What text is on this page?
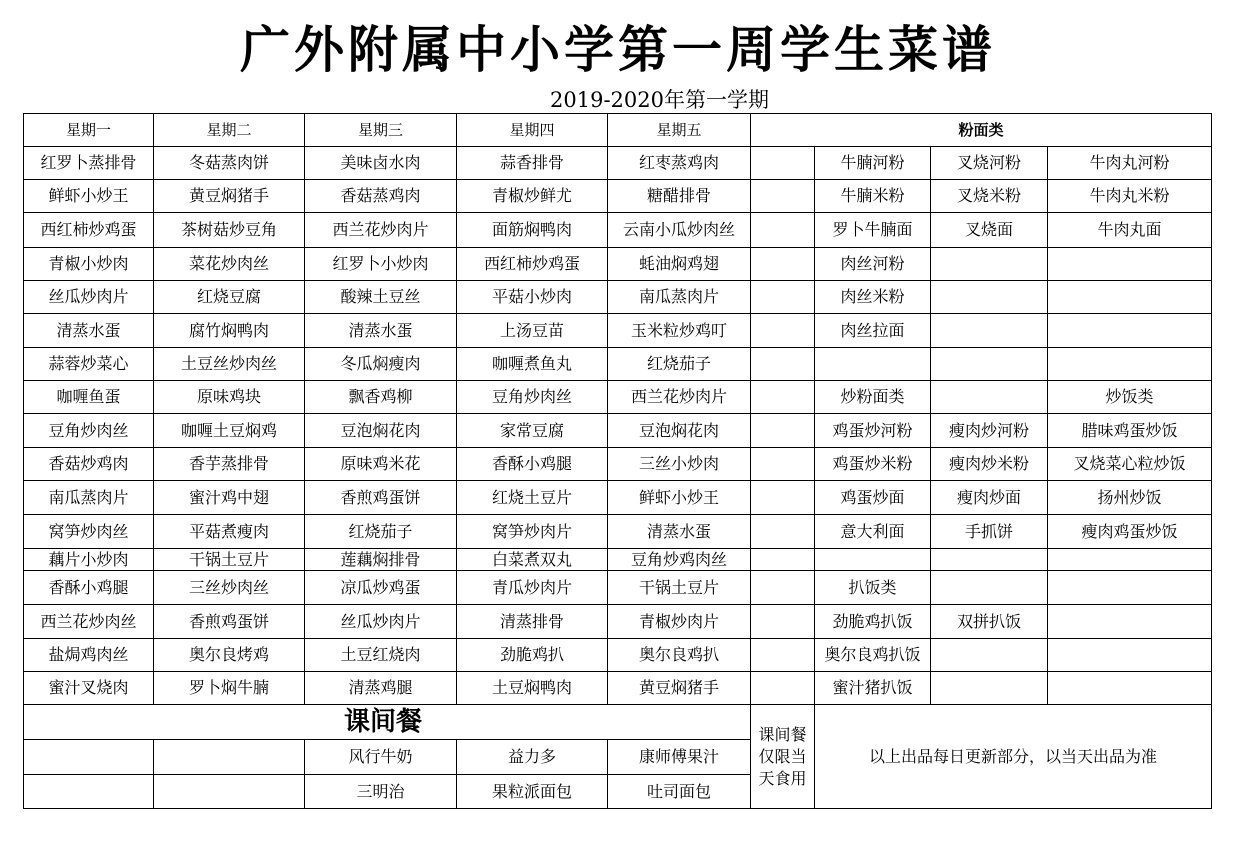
广外附属中小学第一周学生菜谱
2019-2020年第一学期
星期一	星期二	星期三	星期四	星期五	粉面类			
红罗卜蒸排骨	冬菇蒸肉饼	美味卤水肉	蒜香排骨	红枣蒸鸡肉		牛腩河粉	叉烧河粉	牛肉丸河粉
鲜虾小炒王	黄豆焖猪手	香菇蒸鸡肉	青椒炒鲜尤	糖醋排骨		牛腩米粉	叉烧米粉	牛肉丸米粉
西红柿炒鸡蛋	茶树菇炒豆角	西兰花炒肉片	面筋焖鸭肉	云南小瓜炒肉丝		罗卜牛腩面	叉烧面	牛肉丸面
青椒小炒肉	菜花炒肉丝	红罗卜小炒肉	西红柿炒鸡蛋	蚝油焖鸡翅		肉丝河粉		
丝瓜炒肉片	红烧豆腐	酸辣土豆丝	平菇小炒肉	南瓜蒸肉片		肉丝米粉		
清蒸水蛋	腐竹焖鸭肉	清蒸水蛋	上汤豆苗	玉米粒炒鸡叮		肉丝拉面		
蒜蓉炒菜心	土豆丝炒肉丝	冬瓜焖瘦肉	咖喱煮鱼丸	红烧茄子				
咖喱鱼蛋	原味鸡块	飘香鸡柳	豆角炒肉丝	西兰花炒肉片		炒粉面类		炒饭类
豆角炒肉丝	咖喱土豆焖鸡	豆泡焖花肉	家常豆腐	豆泡焖花肉		鸡蛋炒河粉	瘦肉炒河粉	腊味鸡蛋炒饭
香菇炒鸡肉	香芋蒸排骨	原味鸡米花	香酥小鸡腿	三丝小炒肉		鸡蛋炒米粉	瘦肉炒米粉	叉烧菜心粒炒饭
南瓜蒸肉片	蜜汁鸡中翅	香煎鸡蛋饼	红烧土豆片	鲜虾小炒王		鸡蛋炒面	瘦肉炒面	扬州炒饭
窝笋炒肉丝	平菇煮瘦肉	红烧茄子	窝笋炒肉片	清蒸水蛋		意大利面	手抓饼	瘦肉鸡蛋炒饭
藕片小炒肉	干锅土豆片	莲藕焖排骨	白菜煮双丸	豆角炒鸡肉丝				
香酥小鸡腿	三丝炒肉丝	凉瓜炒鸡蛋	青瓜炒肉片	干锅土豆片		扒饭类		
西兰花炒肉丝	香煎鸡蛋饼	丝瓜炒肉片	清蒸排骨	青椒炒肉片		劲脆鸡扒饭	双拼扒饭	
盐焗鸡肉丝	奥尔良烤鸡	土豆红烧肉	劲脆鸡扒	奥尔良鸡扒		奥尔良鸡扒饭		
蜜汁叉烧肉	罗卜焖牛腩	清蒸鸡腿	土豆焖鸭肉	黄豆焖猪手		蜜汁猪扒饭		
课间餐					课间餐仅限当天食用	以上出品每日更新部分，以当天出品为准		
		风行牛奶	益力多	康师傅果汁				
		三明治	果粒派面包	吐司面包				
